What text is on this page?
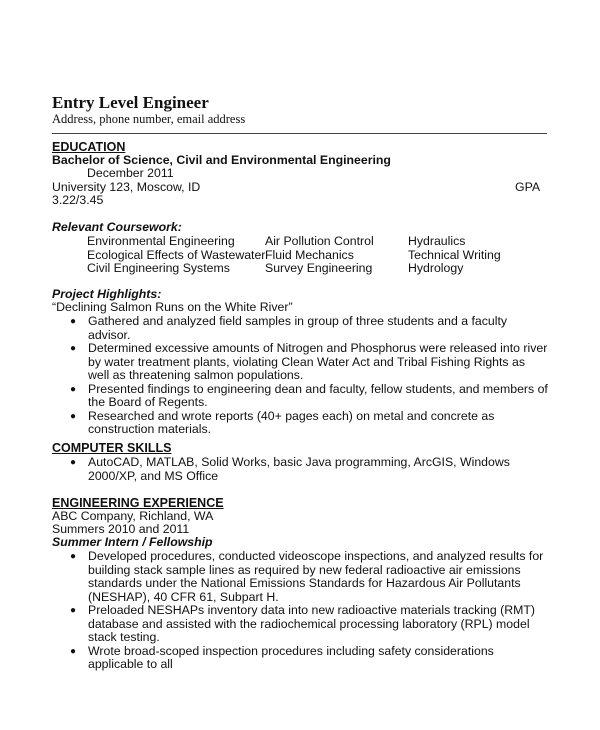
Entry Level Engineer
Address, phone number, email address
EDUCATION
Bachelor of Science, Civil and Environmental Engineering
December 2011
University 123, Moscow, ID	GPA
3.22/3.45
Relevant Coursework:
Environmental Engineering
Ecological Effects of Wastewater
Civil Engineering Systems
Air Pollution Control
Fluid Mechanics
Survey Engineering
Hydraulics
Technical Writing
Hydrology
Project Highlights:
“Declining Salmon Runs on the White River”
● Gathered and analyzed field samples in group of three students and a faculty advisor.
● Determined excessive amounts of Nitrogen and Phosphorus were released into river by water treatment plants, violating Clean Water Act and Tribal Fishing Rights as well as threatening salmon populations.
● Presented findings to engineering dean and faculty, fellow students, and members of the Board of Regents.
● Researched and wrote reports (40+ pages each) on metal and concrete as construction materials.
COMPUTER SKILLS
● AutoCAD, MATLAB, Solid Works, basic Java programming, ArcGIS, Windows 2000/XP, and MS Office
ENGINEERING EXPERIENCE
ABC Company, Richland, WA
Summers 2010 and 2011
Summer Intern / Fellowship
● Developed procedures, conducted videoscope inspections, and analyzed results for building stack sample lines as required by new federal radioactive air emissions standards under the National Emissions Standards for Hazardous Air Pollutants (NESHAP), 40 CFR 61, Subpart H.
● Preloaded NESHAPs inventory data into new radioactive materials tracking (RMT) database and assisted with the radiochemical processing laboratory (RPL) model stack testing.
● Wrote broad-scoped inspection procedures including safety considerations applicable to all
